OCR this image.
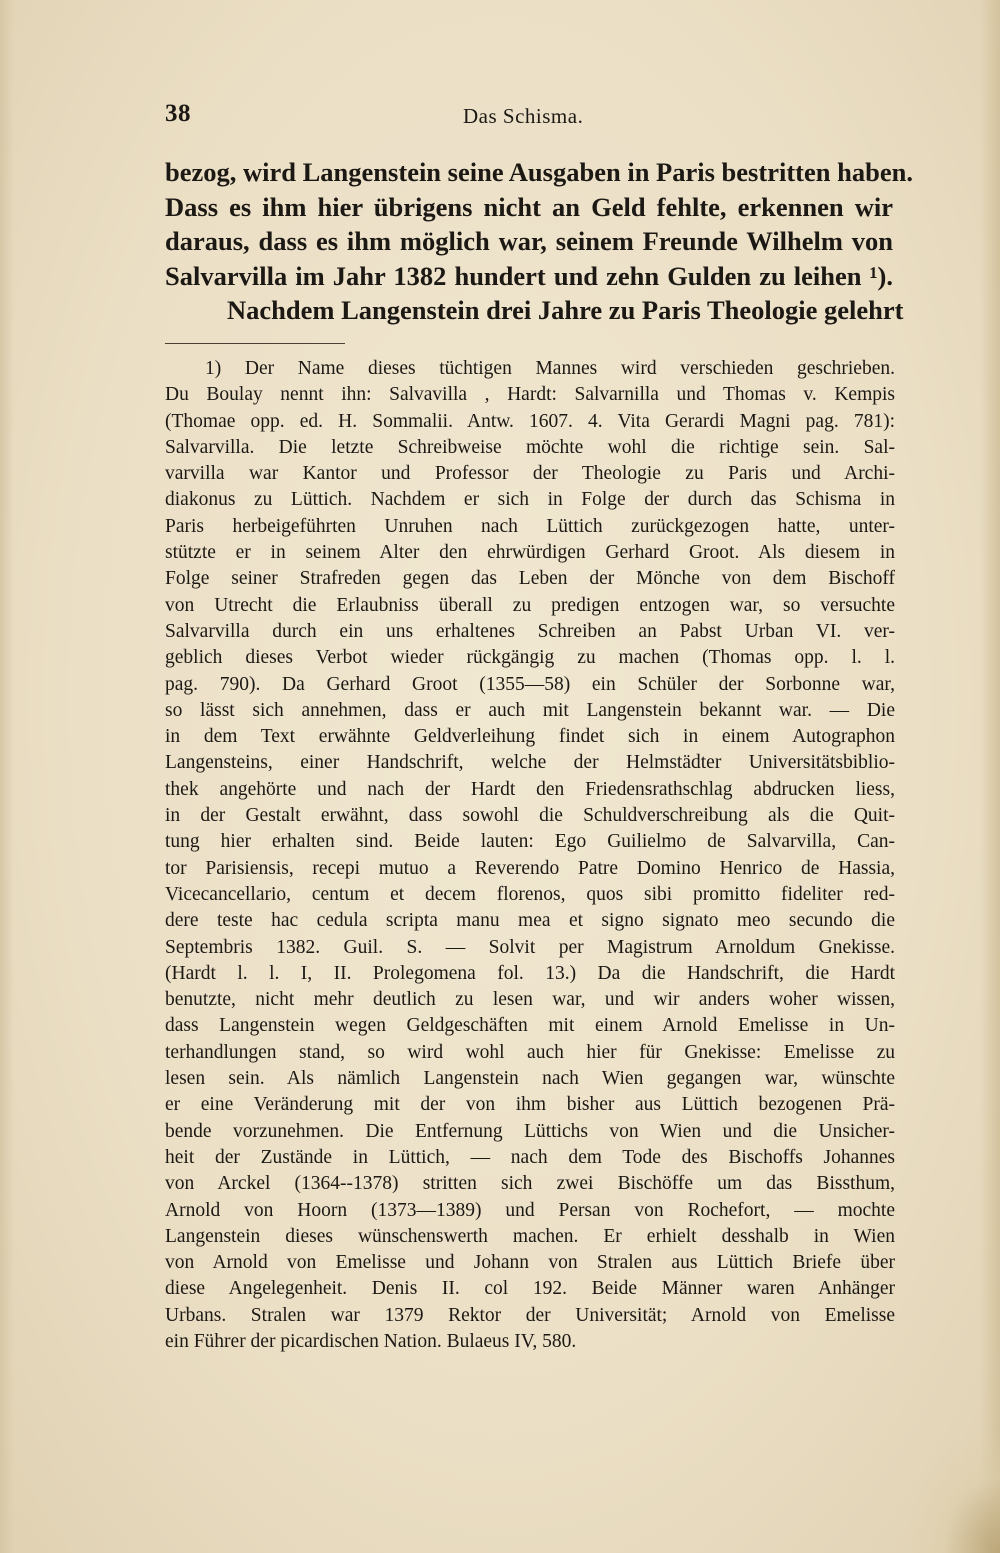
38	Das Schisma.
bezog, wird Langenstein seine Ausgaben in Paris bestritten haben.
Dass es ihm hier übrigens nicht an Geld fehlte, erkennen wir
daraus, dass es ihm möglich war, seinem Freunde Wilhelm von
Salvarvilla im Jahr 1382 hundert und zehn Gulden zu leihen ¹).
Nachdem Langenstein drei Jahre zu Paris Theologie gelehrt
1) Der Name dieses tüchtigen Mannes wird verschieden geschrieben.
Du Boulay nennt ihn: Salvavilla , Hardt: Salvarnilla und Thomas v. Kempis
(Thomae opp. ed. H. Sommalii. Antw. 1607. 4. Vita Gerardi Magni pag. 781):
Salvarvilla. Die letzte Schreibweise möchte wohl die richtige sein. Sal-
varvilla war Kantor und Professor der Theologie zu Paris und Archi-
diakonus zu Lüttich. Nachdem er sich in Folge der durch das Schisma in
Paris herbeigeführten Unruhen nach Lüttich zurückgezogen hatte, unter-
stützte er in seinem Alter den ehrwürdigen Gerhard Groot. Als diesem in
Folge seiner Strafreden gegen das Leben der Mönche von dem Bischoff
von Utrecht die Erlaubniss überall zu predigen entzogen war, so versuchte
Salvarvilla durch ein uns erhaltenes Schreiben an Pabst Urban VI. ver-
geblich dieses Verbot wieder rückgängig zu machen (Thomas opp. l. l.
pag. 790). Da Gerhard Groot (1355—58) ein Schüler der Sorbonne war,
so lässt sich annehmen, dass er auch mit Langenstein bekannt war. — Die
in dem Text erwähnte Geldverleihung findet sich in einem Autographon
Langensteins, einer Handschrift, welche der Helmstädter Universitätsbiblio-
thek angehörte und nach der Hardt den Friedensrathschlag abdrucken liess,
in der Gestalt erwähnt, dass sowohl die Schuldverschreibung als die Quit-
tung hier erhalten sind. Beide lauten: Ego Guilielmo de Salvarvilla, Can-
tor Parisiensis, recepi mutuo a Reverendo Patre Domino Henrico de Hassia,
Vicecancellario, centum et decem florenos, quos sibi promitto fideliter red-
dere teste hac cedula scripta manu mea et signo signato meo secundo die
Septembris 1382. Guil. S. — Solvit per Magistrum Arnoldum Gnekisse.
(Hardt l. l. I, II. Prolegomena fol. 13.) Da die Handschrift, die Hardt
benutzte, nicht mehr deutlich zu lesen war, und wir anders woher wissen,
dass Langenstein wegen Geldgeschäften mit einem Arnold Emelisse in Un-
terhandlungen stand, so wird wohl auch hier für Gnekisse: Emelisse zu
lesen sein. Als nämlich Langenstein nach Wien gegangen war, wünschte
er eine Veränderung mit der von ihm bisher aus Lüttich bezogenen Prä-
bende vorzunehmen. Die Entfernung Lüttichs von Wien und die Unsicher-
heit der Zustände in Lüttich, — nach dem Tode des Bischoffs Johannes
von Arckel (1364--1378) stritten sich zwei Bischöffe um das Bissthum,
Arnold von Hoorn (1373—1389) und Persan von Rochefort, — mochte
Langenstein dieses wünschenswerth machen. Er erhielt desshalb in Wien
von Arnold von Emelisse und Johann von Stralen aus Lüttich Briefe über
diese Angelegenheit. Denis II. col 192. Beide Männer waren Anhänger
Urbans. Stralen war 1379 Rektor der Universität; Arnold von Emelisse
ein Führer der picardischen Nation. Bulaeus IV, 580.
